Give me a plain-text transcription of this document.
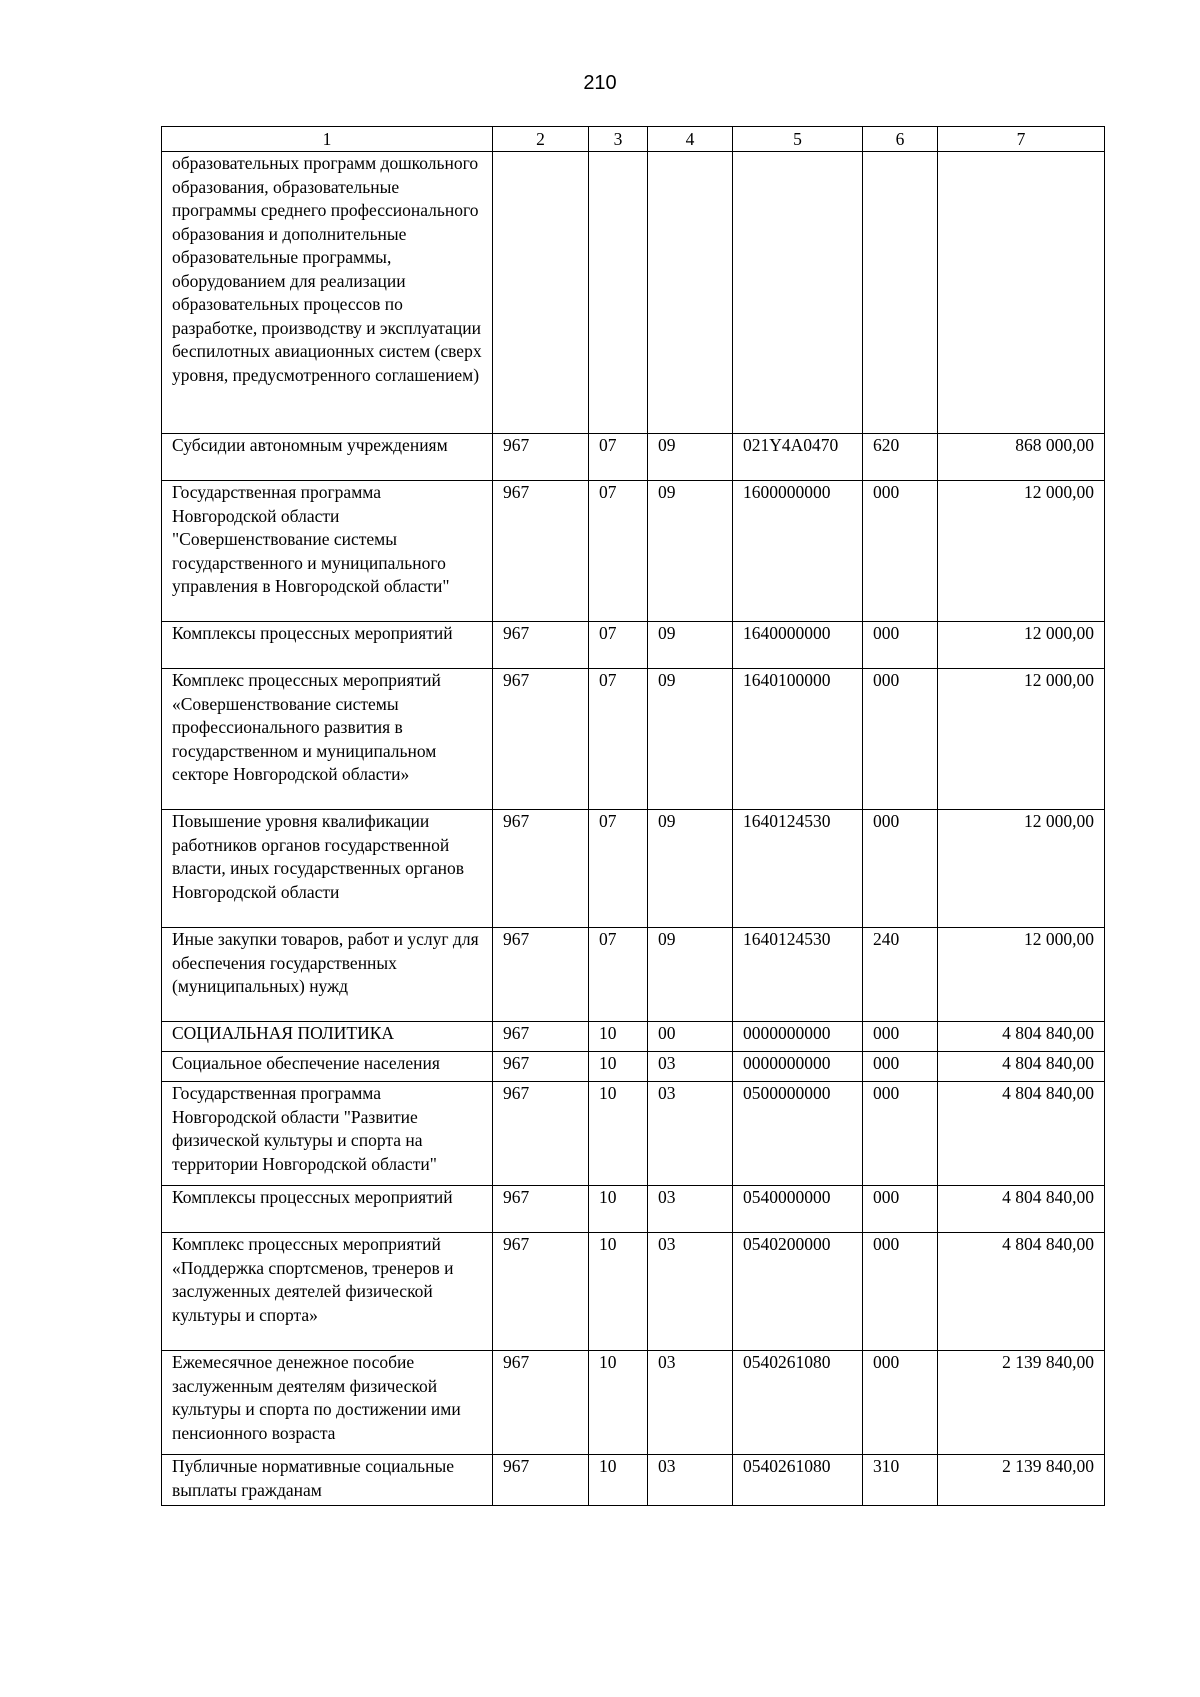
210
1	2	3	4	5	6	7
образовательных программ дошкольного образования, образовательные программы среднего профессионального образования и дополнительные образовательные программы, оборудованием для реализации образовательных процессов по разработке, производству и эксплуатации беспилотных авиационных систем (сверх уровня, предусмотренного соглашением)						
Субсидии автономным учреждениям	967	07	09	021Y4A0470	620	868 000,00
Государственная программа Новгородской области "Совершенствование системы государственного и муниципального управления в Новгородской области"	967	07	09	1600000000	000	12 000,00
Комплексы процессных мероприятий	967	07	09	1640000000	000	12 000,00
Комплекс процессных мероприятий «Совершенствование системы профессионального развития в государственном и муниципальном секторе Новгородской области»	967	07	09	1640100000	000	12 000,00
Повышение уровня квалификации работников органов государственной власти, иных государственных органов Новгородской области	967	07	09	1640124530	000	12 000,00
Иные закупки товаров, работ и услуг для обеспечения государственных (муниципальных) нужд	967	07	09	1640124530	240	12 000,00
СОЦИАЛЬНАЯ ПОЛИТИКА	967	10	00	0000000000	000	4 804 840,00
Социальное обеспечение населения	967	10	03	0000000000	000	4 804 840,00
Государственная программа Новгородской области "Развитие физической культуры и спорта на территории Новгородской области"	967	10	03	0500000000	000	4 804 840,00
Комплексы процессных мероприятий	967	10	03	0540000000	000	4 804 840,00
Комплекс процессных мероприятий «Поддержка спортсменов, тренеров и заслуженных деятелей физической культуры и спорта»	967	10	03	0540200000	000	4 804 840,00
Ежемесячное денежное пособие заслуженным деятелям физической культуры и спорта по достижении ими пенсионного возраста	967	10	03	0540261080	000	2 139 840,00
Публичные нормативные социальные выплаты гражданам	967	10	03	0540261080	310	2 139 840,00
